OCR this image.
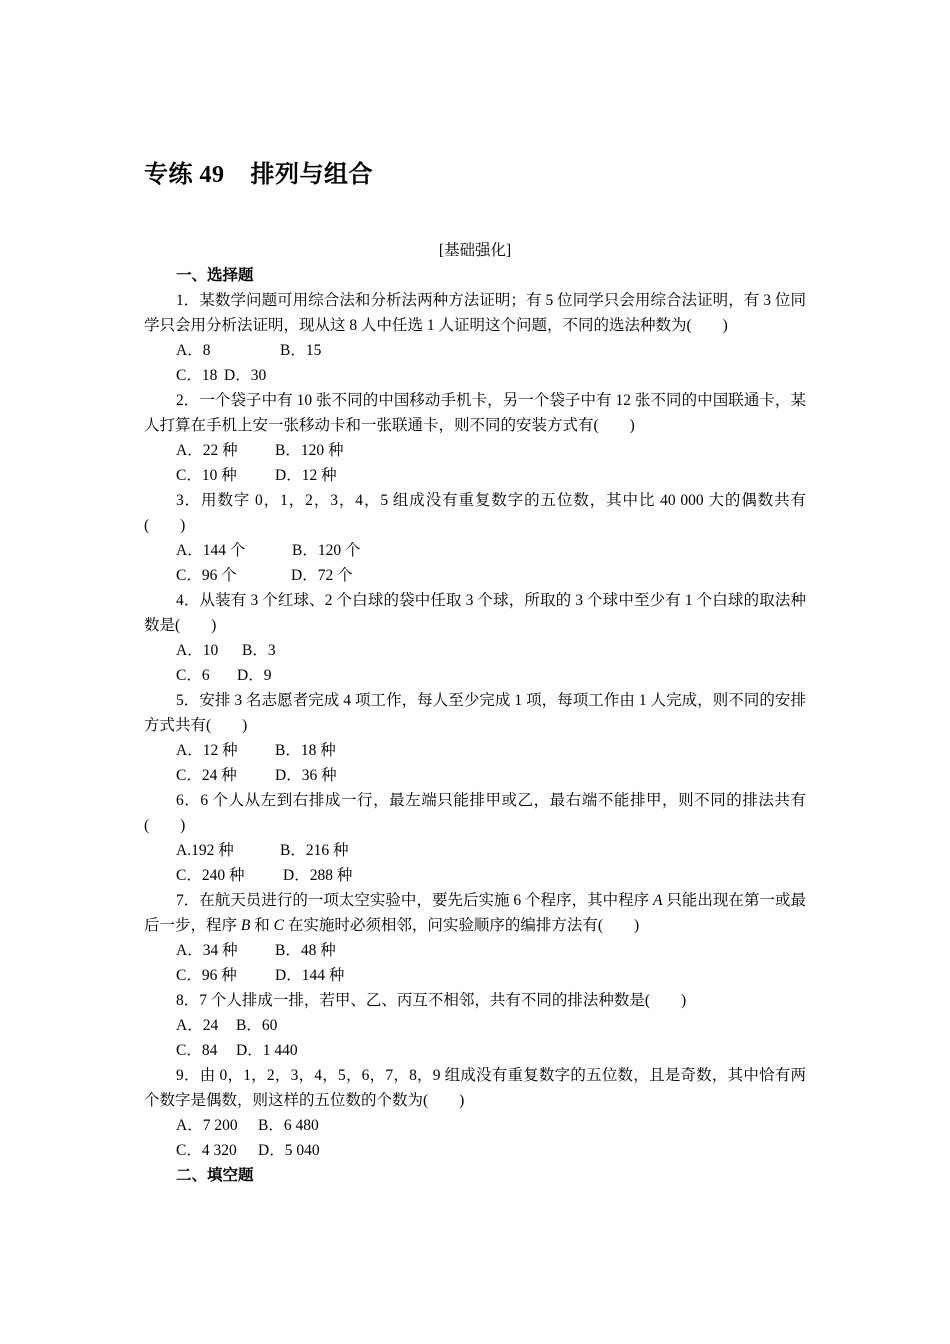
专练 49    排列与组合
[基础强化]
一、选择题
1．某数学问题可用综合法和分析法两种方法证明；有 5 位同学只会用综合法证明，有 3 位同学只会用分析法证明，现从这 8 人中任选 1 人证明这个问题，不同的选法种数为(　　)
A．8	B．15
C．18 D．30
2．一个袋子中有 10 张不同的中国移动手机卡，另一个袋子中有 12 张不同的中国联通卡，某人打算在手机上安一张移动卡和一张联通卡，则不同的安装方式有(　　)
A．22 种 B．120 种
C．10 种 D．12 种
3．用数字 0，1，2，3，4，5 组成没有重复数字的五位数，其中比 40 000 大的偶数共有(　　)
A．144 个	B．120 个
C．96 个	D．72 个
4．从装有 3 个红球、2 个白球的袋中任取 3 个球，所取的 3 个球中至少有 1 个白球的取法种数是(　　)
A．10 B．3
C．6 D．9
5．安排 3 名志愿者完成 4 项工作，每人至少完成 1 项，每项工作由 1 人完成，则不同的安排方式共有(　　)
A．12 种 B．18 种
C．24 种 D．36 种
6．6 个人从左到右排成一行，最左端只能排甲或乙，最右端不能排甲，则不同的排法共有(　　)
A.192 种	B．216 种
C．240 种 D．288 种
7．在航天员进行的一项太空实验中，要先后实施 6 个程序，其中程序 A 只能出现在第一或最后一步，程序 B 和 C 在实施时必须相邻，问实验顺序的编排方法有(　　)
A．34 种 B．48 种
C．96 种 D．144 种
8．7 个人排成一排，若甲、乙、丙互不相邻，共有不同的排法种数是(　　)
A．24 B．60
C．84 D．1 440
9．由 0，1，2，3，4，5，6，7，8，9 组成没有重复数字的五位数，且是奇数，其中恰有两个数字是偶数，则这样的五位数的个数为(　　)
A．7 200 B．6 480
C．4 320 D．5 040
二、填空题
